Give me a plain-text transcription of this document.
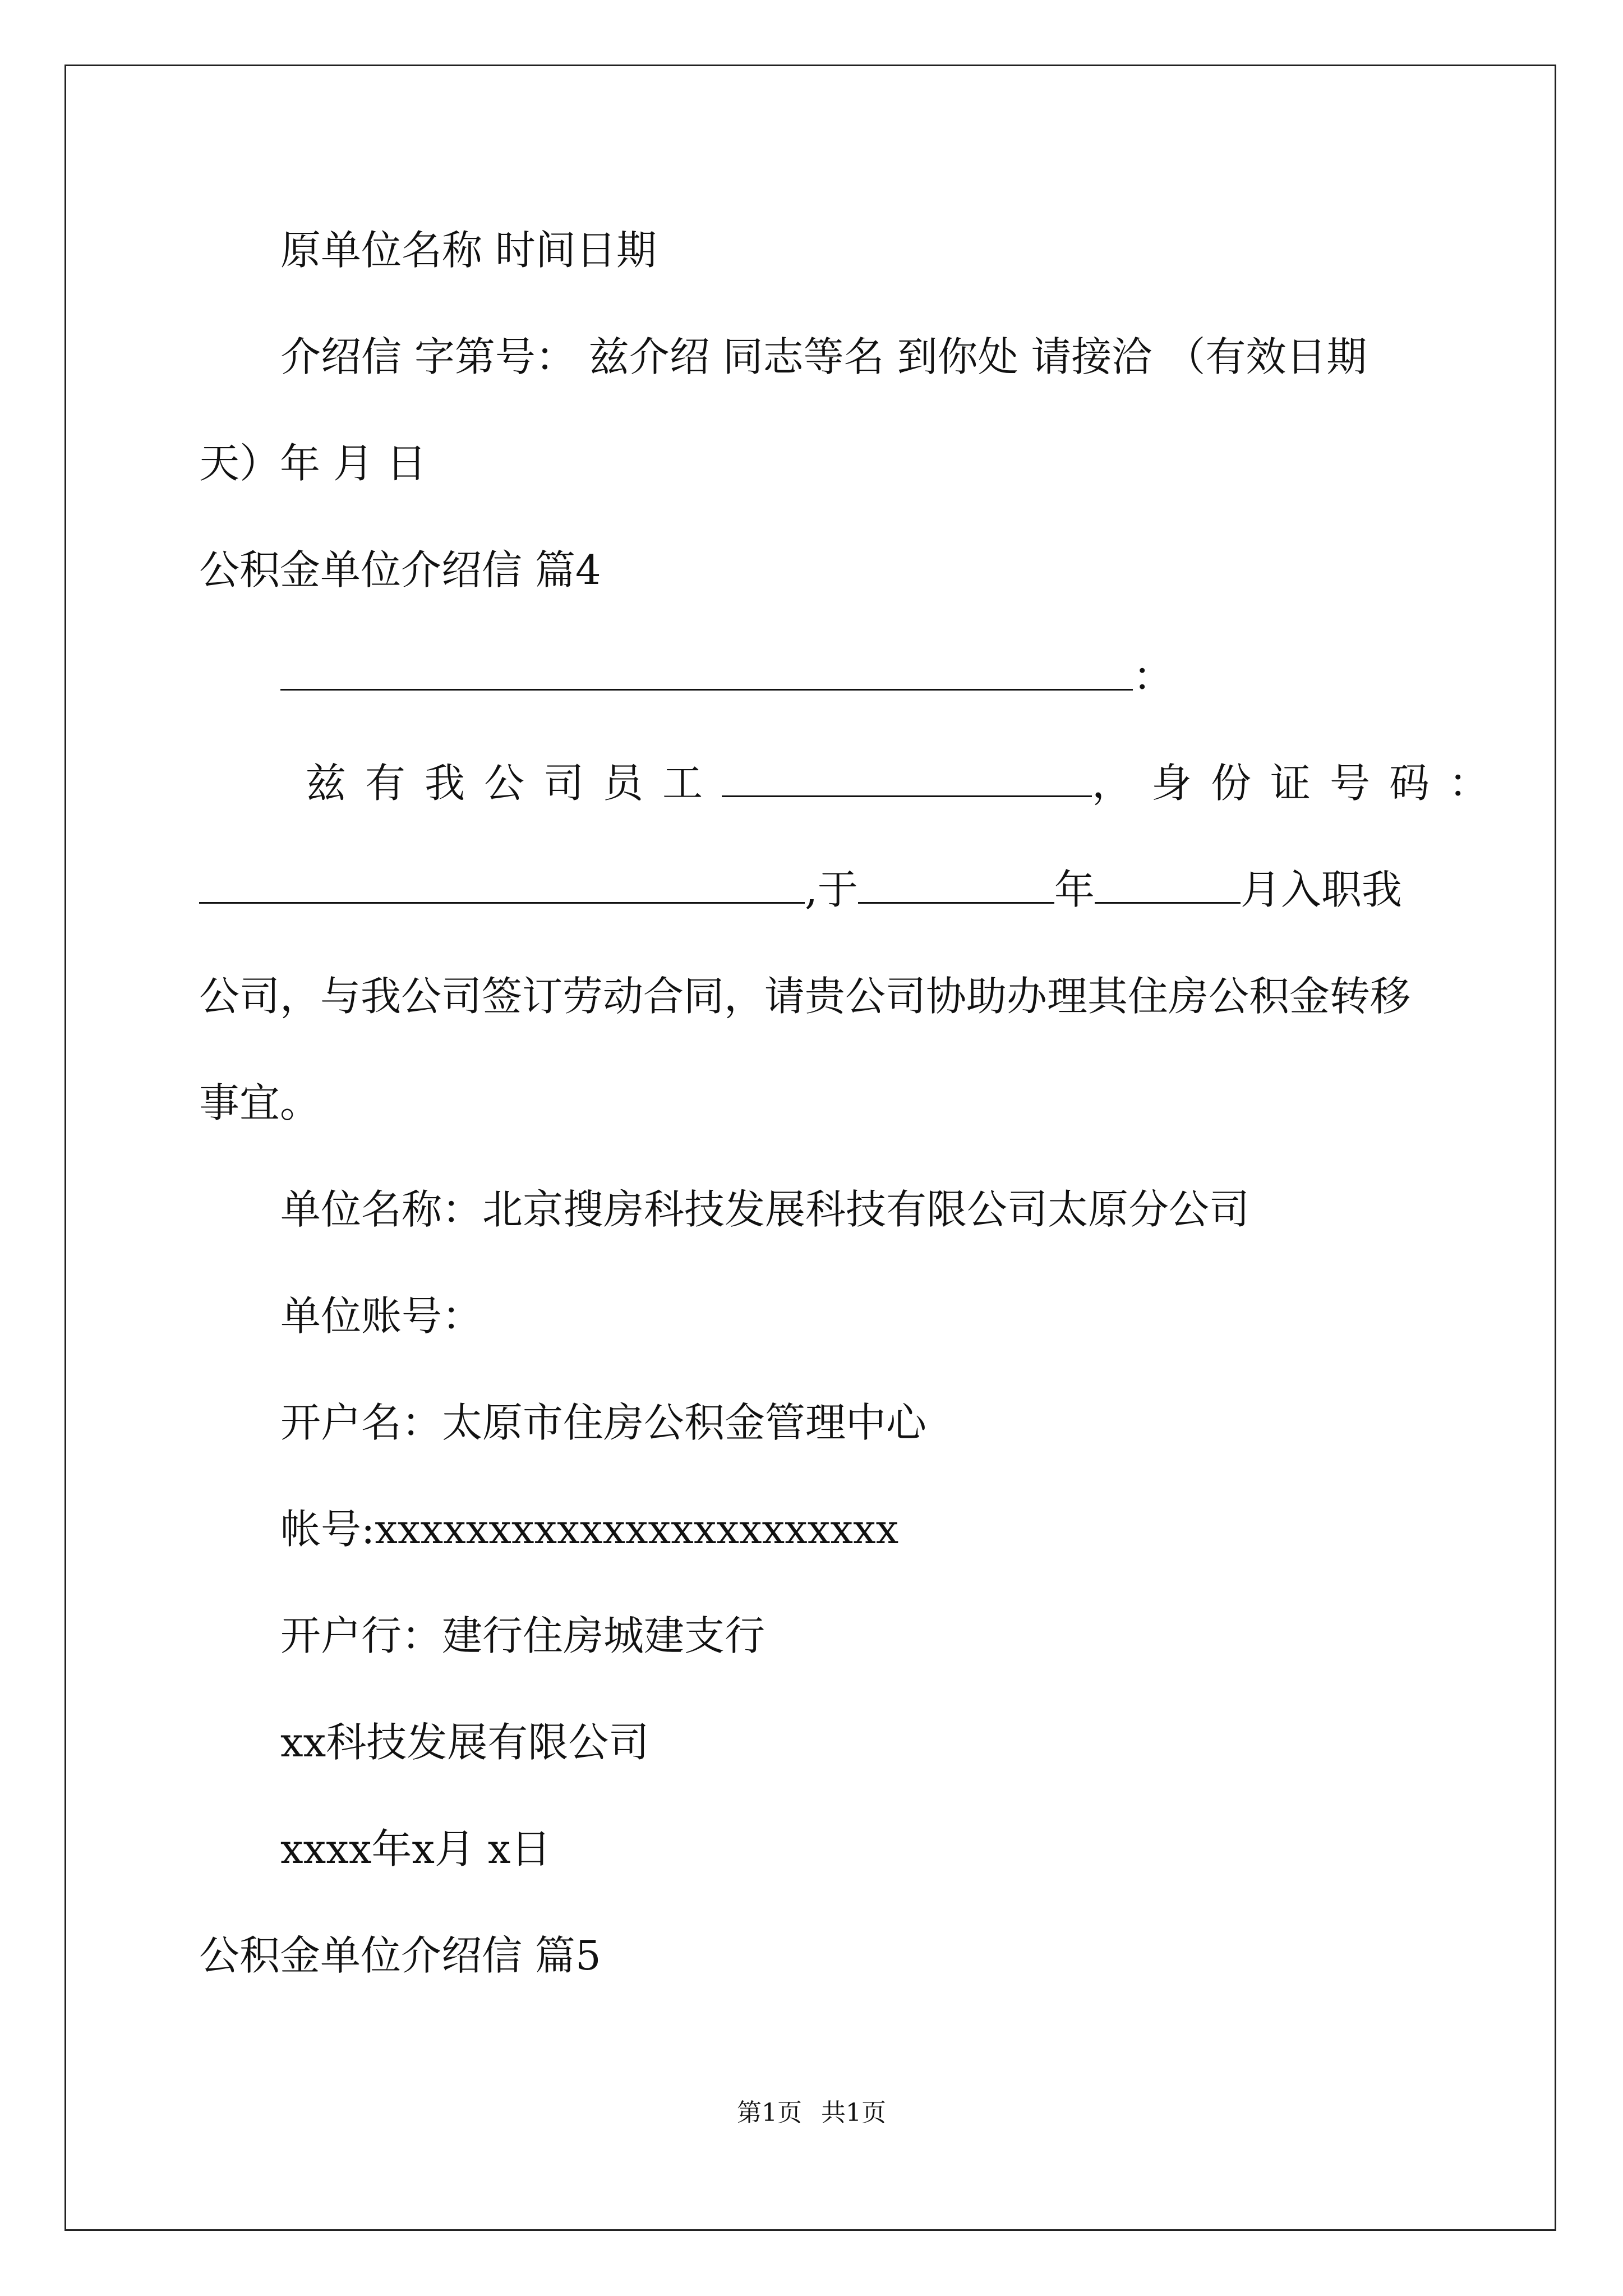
原单位名称 时间日期
介绍信 字第号： 兹介绍 同志等名 到你处 请接洽 （有效日期
天）年 月 日
公积金单位介绍信 篇4
：
兹有我公司员工	，身份证号码：
,于	年	月入职我
公司，与我公司签订劳动合同，请贵公司协助办理其住房公积金转移
事宜。
单位名称：北京搜房科技发展科技有限公司太原分公司
单位账号：
开户名：太原市住房公积金管理中心
帐号:xxxxxxxxxxxxxxxxxxxxxxx
开户行：建行住房城建支行
xx科技发展有限公司
xxxx年x月 x日
公积金单位介绍信 篇5
第1页 共1页
